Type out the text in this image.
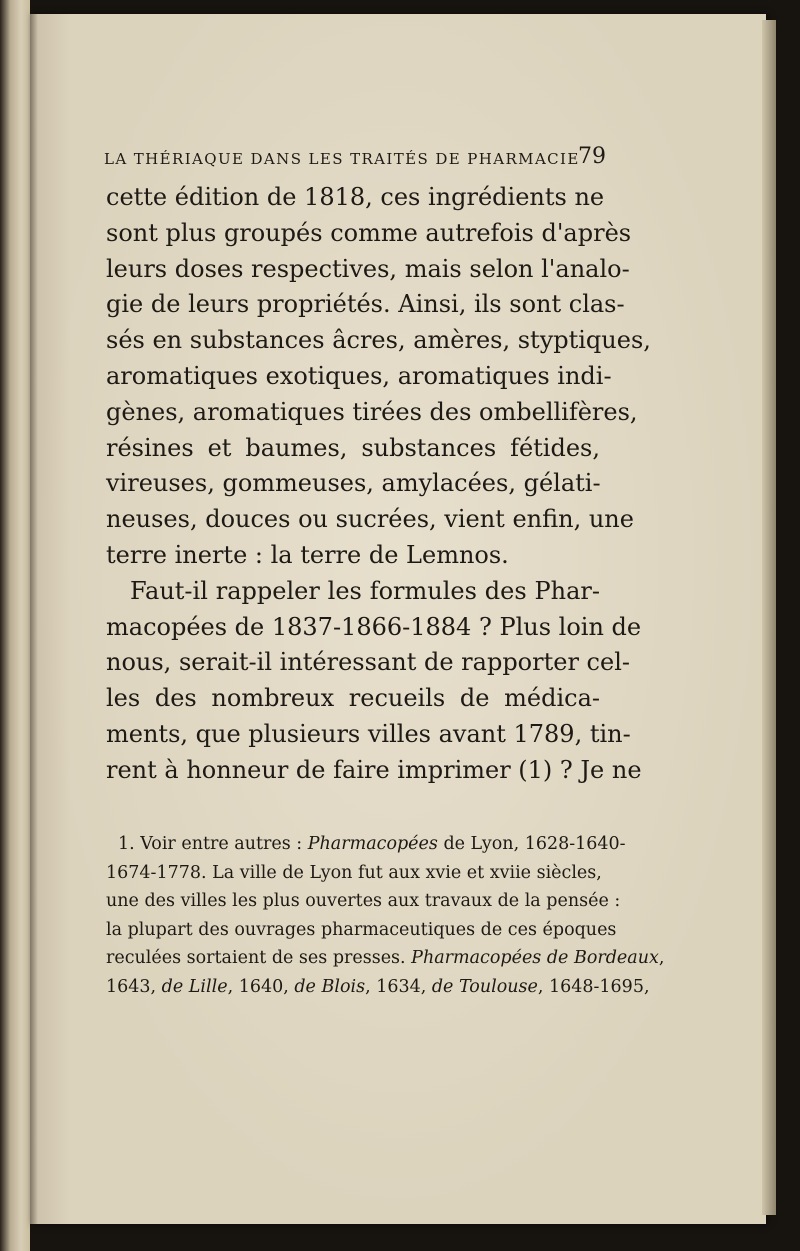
LA THÉRIAQUE DANS LES TRAITÉS DE PHARMACIE
79
cette édition de 1818, ces ingrédients ne
sont plus groupés comme autrefois d'après
leurs doses respectives, mais selon l'analo-
gie de leurs propriétés. Ainsi, ils sont clas-
sés en substances âcres, amères, styptiques,
aromatiques exotiques, aromatiques indi-
gènes, aromatiques tirées des ombellifères,
résines et baumes, substances fétides,
vireuses, gommeuses, amylacées, gélati-
neuses, douces ou sucrées, vient enfin, une
terre inerte : la terre de Lemnos.
Faut-il rappeler les formules des Phar-
macopées de 1837-1866-1884 ? Plus loin de
nous, serait-il intéressant de rapporter cel-
les des nombreux recueils de médica-
ments, que plusieurs villes avant 1789, tin-
rent à honneur de faire imprimer (1) ? Je ne
1. Voir entre autres : Pharmacopées de Lyon, 1628-1640-
1674-1778. La ville de Lyon fut aux xvie et xviie siècles,
une des villes les plus ouvertes aux travaux de la pensée :
la plupart des ouvrages pharmaceutiques de ces époques
reculées sortaient de ses presses. Pharmacopées de Bordeaux,
1643, de Lille, 1640, de Blois, 1634, de Toulouse, 1648-1695,
